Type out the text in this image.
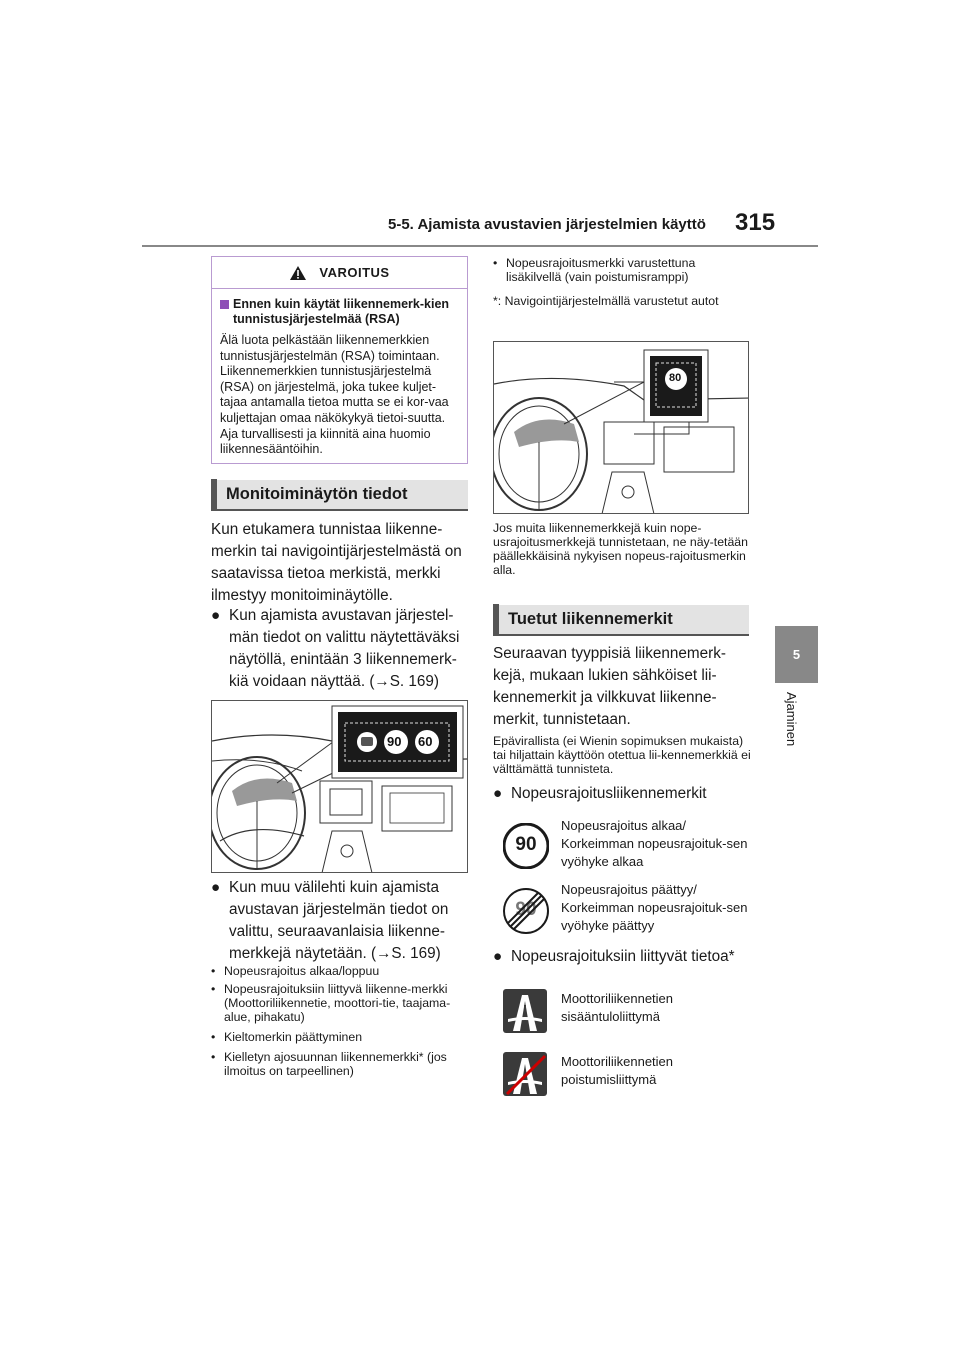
5-5. Ajamista avustavien järjestelmien käyttö 315
5
Ajaminen
VAROITUS
Ennen kuin käytät liikennemerk-kien tunnistusjärjestelmää (RSA)
Älä luota pelkästään liikennemerkkien tunnistusjärjestelmän (RSA) toimintaan. Liikennemerkkien tunnistusjärjestelmä (RSA) on järjestelmä, joka tukee kuljet-tajaa antamalla tietoa mutta se ei kor-vaa kuljettajan omaa näkökykyä tietoi-suutta. Aja turvallisesti ja kiinnitä aina huomio liikennesääntöihin.
Monitoiminäytön tiedot
Kun etukamera tunnistaa liikenne-merkin tai navigointijärjestelmästä on saatavissa tietoa merkistä, merkki ilmestyy monitoiminäytölle.
● Kun ajamista avustavan järjestel-män tiedot on valittu näytettäväksi näytöllä, enintään 3 liikennemerk-kiä voidaan näyttää. (→S. 169)
90 60
● Kun muu välilehti kuin ajamista avustavan järjestelmän tiedot on valittu, seuraavanlaisia liikenne-merkkejä näytetään. (→S. 169)
• Nopeusrajoitus alkaa/loppuu
• Nopeusrajoituksiin liittyvä liikenne-merkki (Moottoriliikennetie, moottori-tie, taajama-alue, pihakatu)
• Kieltomerkin päättyminen
• Kielletyn ajosuunnan liikennemerkki* (jos ilmoitus on tarpeellinen)
• Nopeusrajoitusmerkki varustettuna lisäkilvellä (vain poistumisramppi)
*: Navigointijärjestelmällä varustetut autot
80
Jos muita liikennemerkkejä kuin nope-usrajoitusmerkkejä tunnistetaan, ne näy-tetään päällekkäisinä nykyisen nopeus-rajoitusmerkin alla.
Tuetut liikennemerkit
Seuraavan tyyppisiä liikennemerk-kejä, mukaan lukien sähköiset lii-kennemerkit ja vilkkuvat liikenne-merkit, tunnistetaan.
Epävirallista (ei Wienin sopimuksen mukaista) tai hiljattain käyttöön otettua lii-kennemerkkiä ei välttämättä tunnisteta.
● Nopeusrajoitusliikennemerkit
90
Nopeusrajoitus alkaa/ Korkeimman nopeusrajoituk-sen vyöhyke alkaa
90
Nopeusrajoitus päättyy/ Korkeimman nopeusrajoituk-sen vyöhyke päättyy
● Nopeusrajoituksiin liittyvät tietoa*
Moottoriliikennetien sisääntuloliittymä
Moottoriliikennetien poistumisliittymä
